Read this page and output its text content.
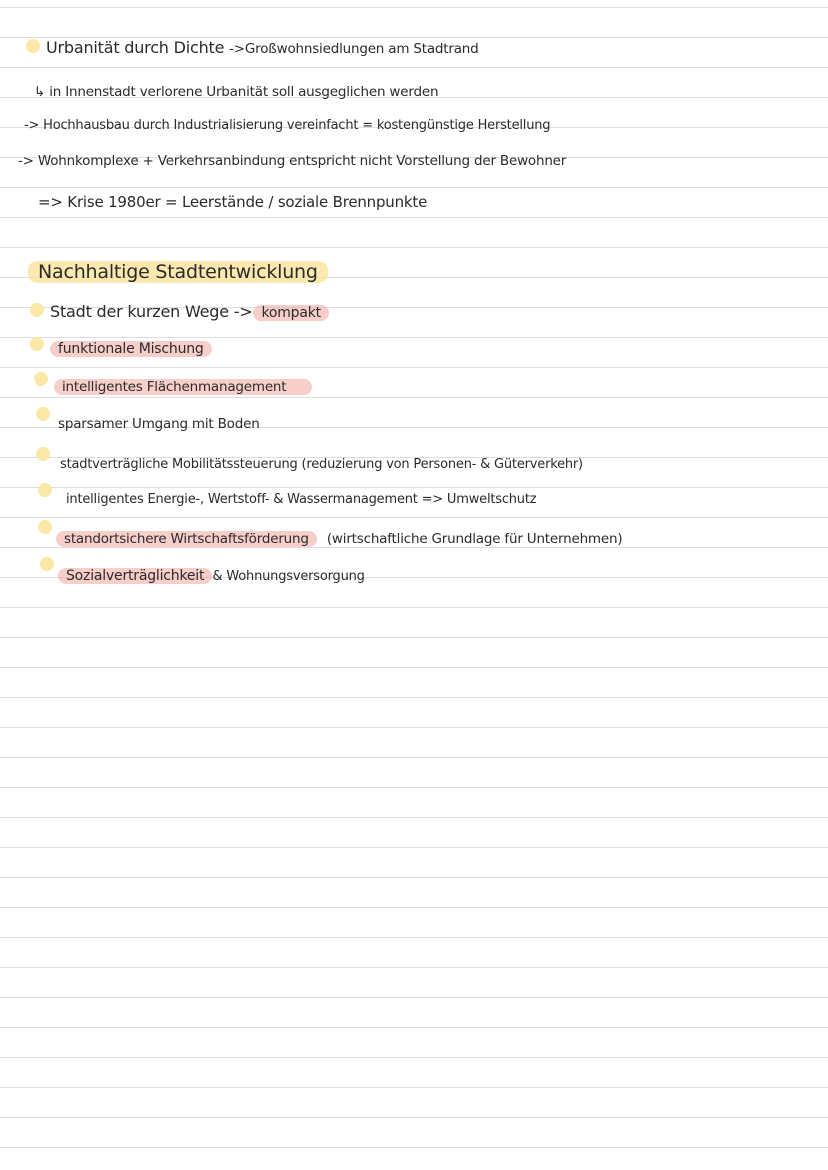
Urbanität durch Dichte ->Großwohnsiedlungen am Stadtrand
↳ in Innenstadt verlorene Urbanität soll ausgeglichen werden
-> Hochhausbau durch Industrialisierung vereinfacht = kostengünstige Herstellung
-> Wohnkomplexe + Verkehrsanbindung entspricht nicht Vorstellung der Bewohner
=> Krise 1980er = Leerstände / soziale Brennpunkte
Nachhaltige Stadtentwicklung
Stadt der kurzen Wege -> kompakt
funktionale Mischung
intelligentes Flächenmanagement
sparsamer Umgang mit Boden
stadtverträgliche Mobilitätssteuerung (reduzierung von Personen- & Güterverkehr)
intelligentes Energie-, Wertstoff- & Wassermanagement => Umweltschutz
standortsichere Wirtschaftsförderung (wirtschaftliche Grundlage für Unternehmen)
Sozialverträglichkeit & Wohnungsversorgung
